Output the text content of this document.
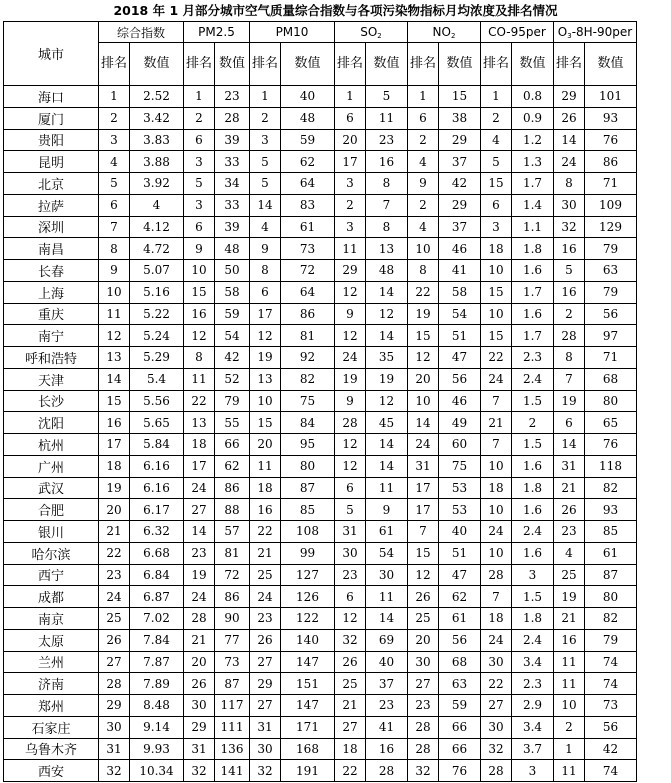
2018 年 1 月部分城市空气质量综合指数与各项污染物指标月均浓度及排名情况
城市	综合指数		PM2.5		PM10		$SO_2$		$NO_2$		CO-95per		$O_3-8H-90per$	
	排名	数值	排名	数值	排名	数值	排名	数值	排名	数值	排名	数值	排名	数值
海口	1	2.52	1	23	1	40	1	5	1	15	1	0.8	29	101
厦门	2	3.42	2	28	2	48	6	11	6	38	2	0.9	26	93
贵阳	3	3.83	6	39	3	59	20	23	2	29	4	1.2	14	76
昆明	4	3.88	3	33	5	62	17	16	4	37	5	1.3	24	86
北京	5	3.92	5	34	5	64	3	8	9	42	15	1.7	8	71
拉萨	6	4	3	33	14	83	2	7	2	29	6	1.4	30	109
深圳	7	4.12	6	39	4	61	3	8	4	37	3	1.1	32	129
南昌	8	4.72	9	48	9	73	11	13	10	46	18	1.8	16	79
长春	9	5.07	10	50	8	72	29	48	8	41	10	1.6	5	63
上海	10	5.16	15	58	6	64	12	14	22	58	15	1.7	16	79
重庆	11	5.22	16	59	17	86	9	12	19	54	10	1.6	2	56
南宁	12	5.24	12	54	12	81	12	14	15	51	15	1.7	28	97
呼和浩特	13	5.29	8	42	19	92	24	35	12	47	22	2.3	8	71
天津	14	5.4	11	52	13	82	19	19	20	56	24	2.4	7	68
长沙	15	5.56	22	79	10	75	9	12	10	46	7	1.5	19	80
沈阳	16	5.65	13	55	15	84	28	45	14	49	21	2	6	65
杭州	17	5.84	18	66	20	95	12	14	24	60	7	1.5	14	76
广州	18	6.16	17	62	11	80	12	14	31	75	10	1.6	31	118
武汉	19	6.16	24	86	18	87	6	11	17	53	18	1.8	21	82
合肥	20	6.17	27	88	16	85	5	9	17	53	10	1.6	26	93
银川	21	6.32	14	57	22	108	31	61	7	40	24	2.4	23	85
哈尔滨	22	6.68	23	81	21	99	30	54	15	51	10	1.6	4	61
西宁	23	6.84	19	72	25	127	23	30	12	47	28	3	25	87
成都	24	6.87	24	86	24	126	6	11	26	62	7	1.5	19	80
南京	25	7.02	28	90	23	122	12	14	25	61	18	1.8	21	82
太原	26	7.84	21	77	26	140	32	69	20	56	24	2.4	16	79
兰州	27	7.87	20	73	27	147	26	40	30	68	30	3.4	11	74
济南	28	7.89	26	87	29	151	25	37	27	63	22	2.3	11	74
郑州	29	8.48	30	117	27	147	21	23	23	59	27	2.9	10	73
石家庄	30	9.14	29	111	31	171	27	41	28	66	30	3.4	2	56
乌鲁木齐	31	9.93	31	136	30	168	18	16	28	66	32	3.7	1	42
西安	32	10.34	32	141	32	191	22	28	32	76	28	3	11	74
